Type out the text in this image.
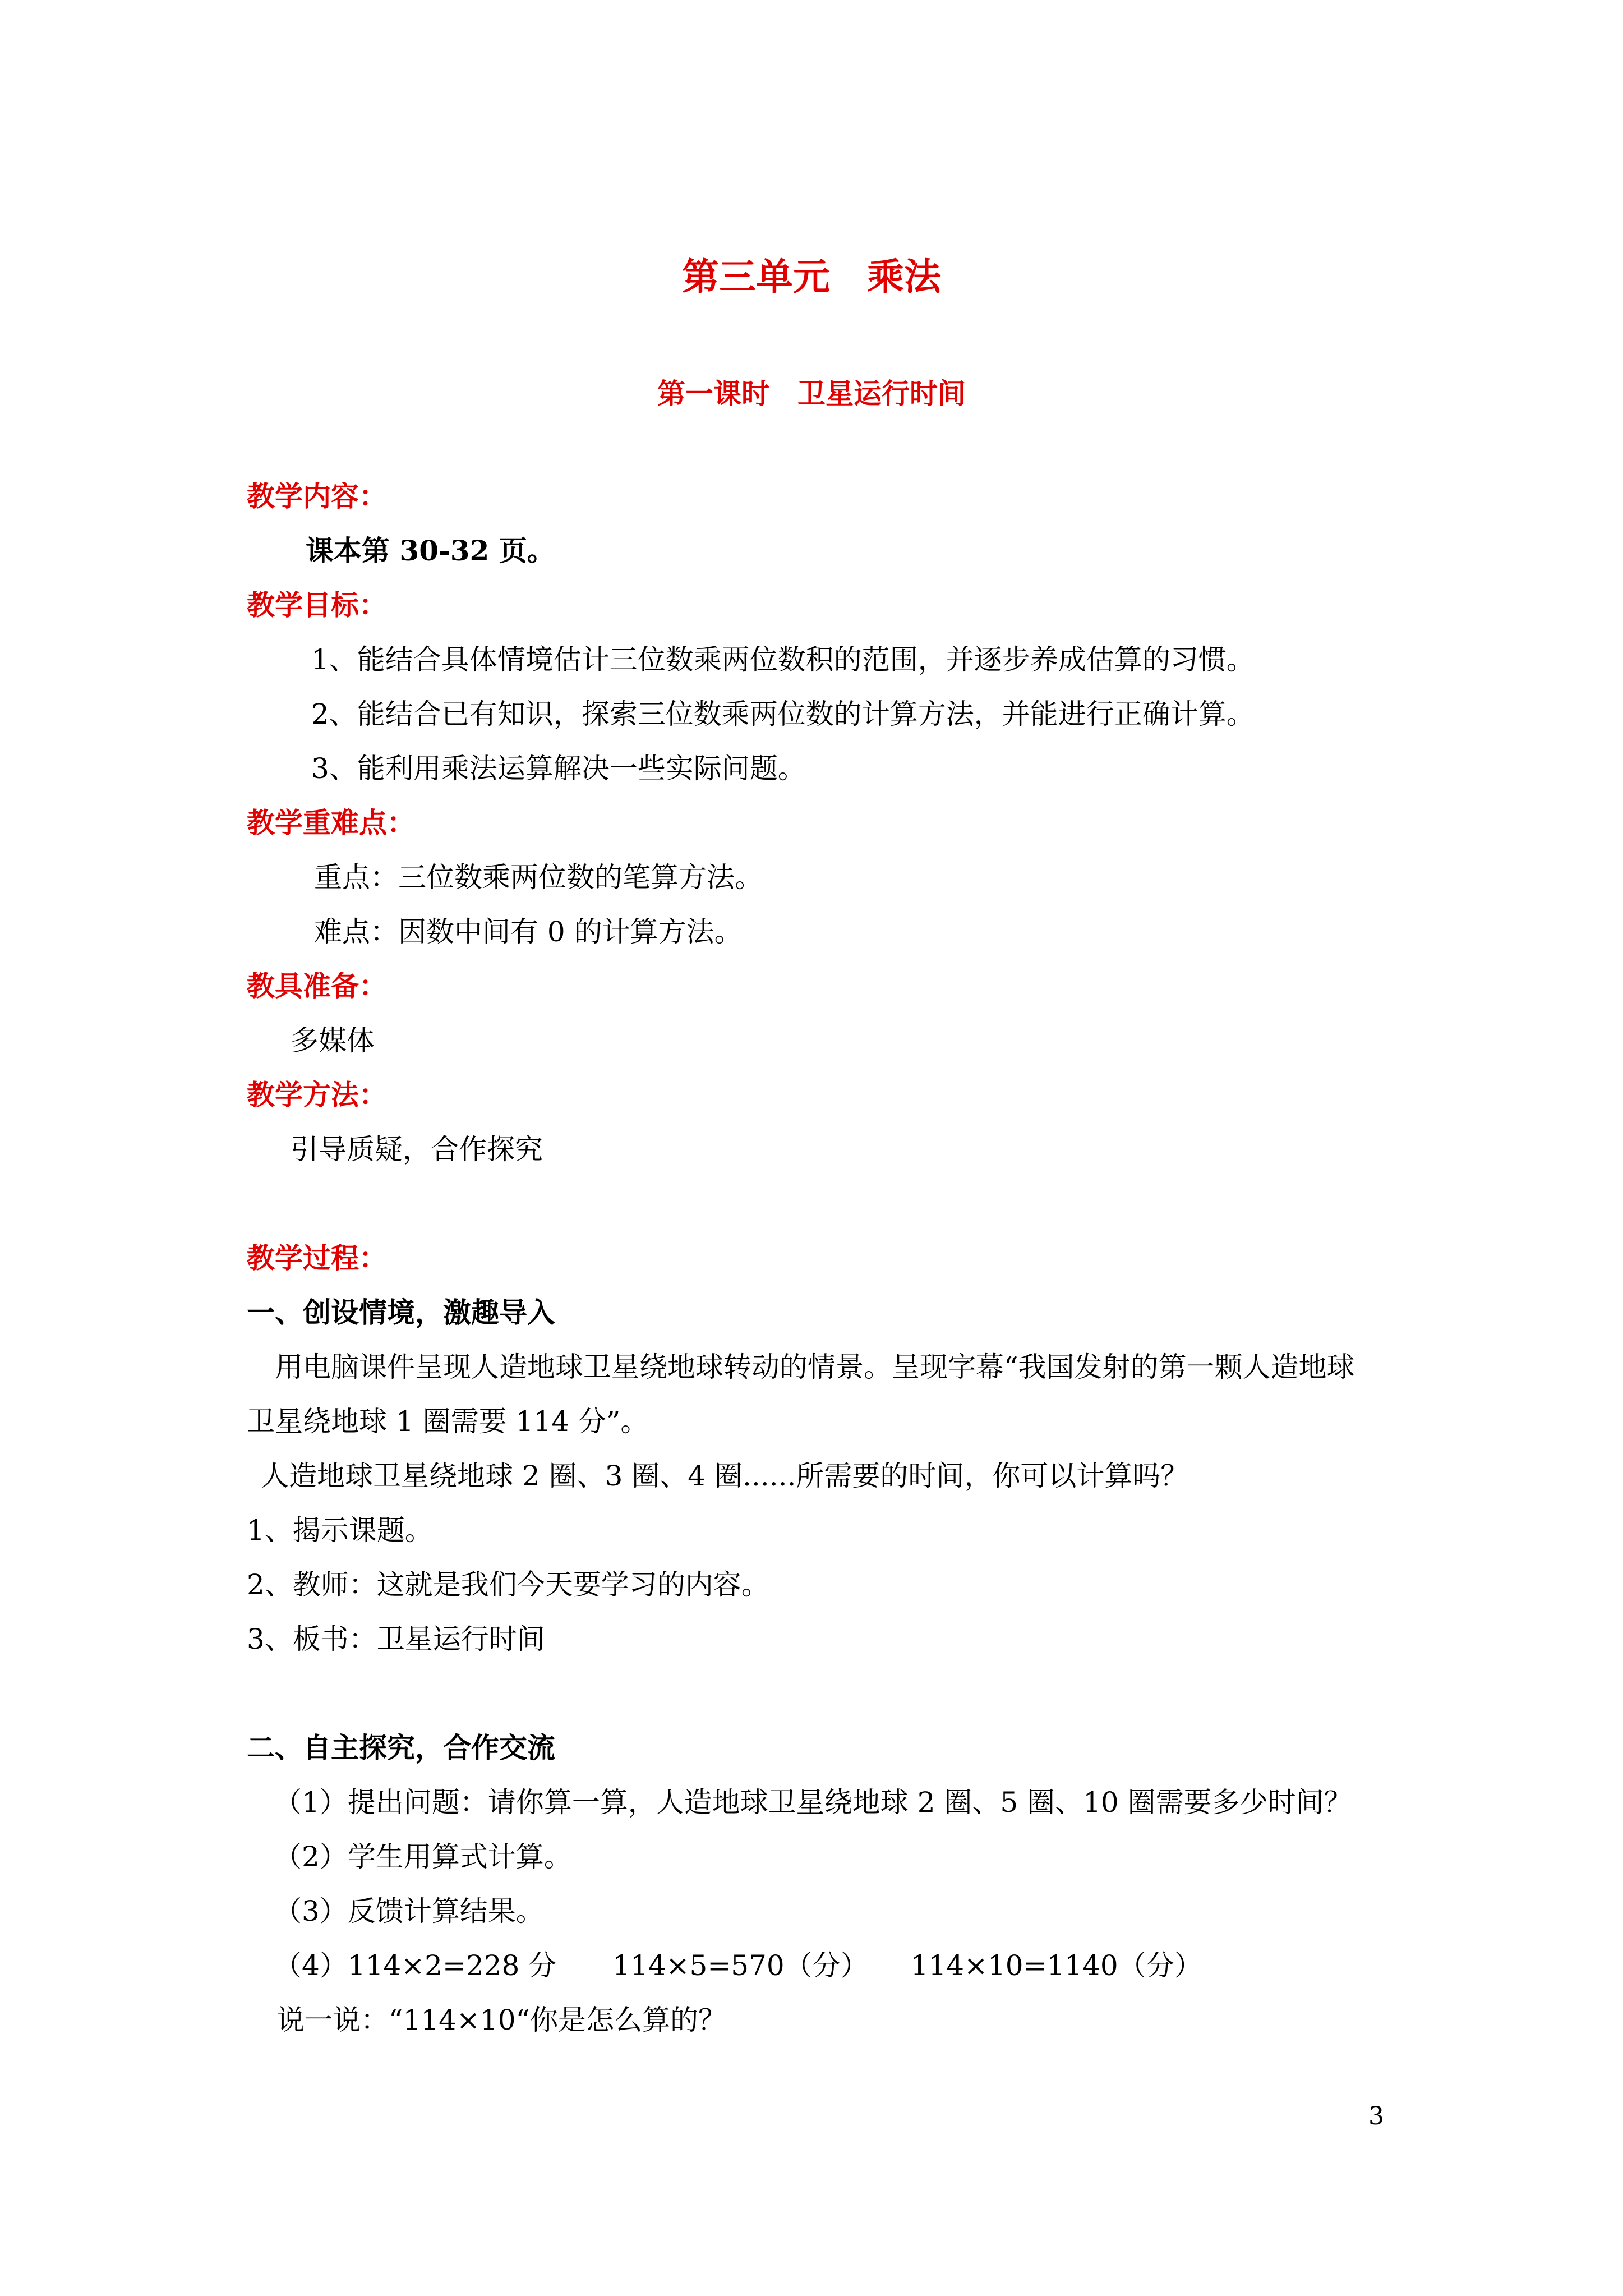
第三单元　乘法
第一课时　卫星运行时间
教学内容：
课本第 30-32 页。
教学目标：
1、能结合具体情境估计三位数乘两位数积的范围，并逐步养成估算的习惯。
2、能结合已有知识，探索三位数乘两位数的计算方法，并能进行正确计算。
3、能利用乘法运算解决一些实际问题。
教学重难点：
重点：三位数乘两位数的笔算方法。
难点：因数中间有 0 的计算方法。
教具准备：
多媒体
教学方法：
引导质疑，合作探究
教学过程：
一、创设情境，激趣导入
用电脑课件呈现人造地球卫星绕地球转动的情景。呈现字幕“我国发射的第一颗人造地球
卫星绕地球 1 圈需要 114 分”。
人造地球卫星绕地球 2 圈、3 圈、4 圈......所需要的时间，你可以计算吗？
1、揭示课题。
2、教师：这就是我们今天要学习的内容。
3、板书：卫星运行时间
二、自主探究，合作交流
（1）提出问题：请你算一算，人造地球卫星绕地球 2 圈、5 圈、10 圈需要多少时间？
（2）学生用算式计算。
（3）反馈计算结果。
（4）114×2=228 分　　114×5=570（分）　　114×10=1140（分）
说一说：“114×10“你是怎么算的？
3
